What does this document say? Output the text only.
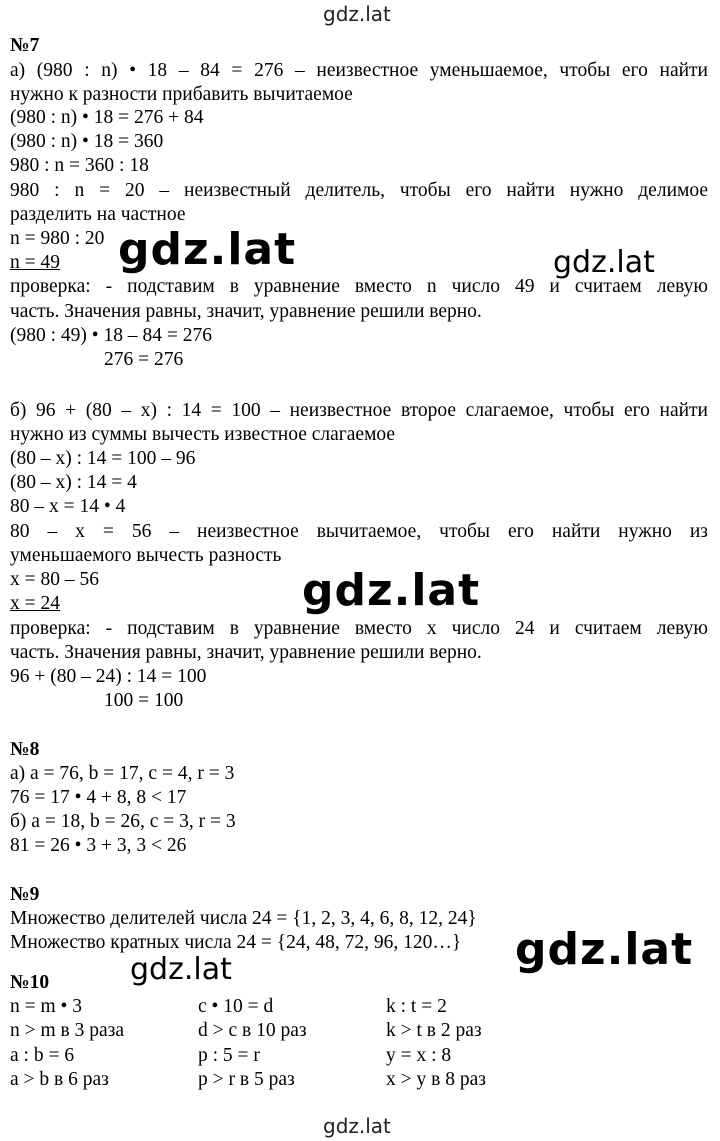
gdz.lat
gdz.lat	gdz.lat
gdz.lat
gdz.lat
gdz.lat
gdz.lat
№7
а) (980 : n) • 18 – 84 = 276 – неизвестное уменьшаемое, чтобы его найти
нужно к разности прибавить вычитаемое
(980 : n) • 18 = 276 + 84
(980 : n) • 18 = 360
980 : n = 360 : 18
980 : n = 20 – неизвестный делитель, чтобы его найти нужно делимое
разделить на частное
n = 980 : 20
n = 49
проверка: - подставим в уравнение вместо n число 49 и считаем левую
часть. Значения равны, значит, уравнение решили верно.
(980 : 49) • 18 – 84 = 276
276 = 276
б) 96 + (80 – x) : 14 = 100 – неизвестное второе слагаемое, чтобы его найти
нужно из суммы вычесть известное слагаемое
(80 – x) : 14 = 100 – 96
(80 – x) : 14 = 4
80 – x = 14 • 4
80 – x = 56 – неизвестное вычитаемое, чтобы его найти нужно из
уменьшаемого вычесть разность
x = 80 – 56
x = 24
проверка: - подставим в уравнение вместо x число 24 и считаем левую
часть. Значения равны, значит, уравнение решили верно.
96 + (80 – 24) : 14 = 100
100 = 100
№8
а) a = 76, b = 17, c = 4, r = 3
76 = 17 • 4 + 8, 8 < 17
б) a = 18, b = 26, c = 3, r = 3
81 = 26 • 3 + 3, 3 < 26
№9
Множество делителей числа 24 = {1, 2, 3, 4, 6, 8, 12, 24}
Множество кратных числа 24 = {24, 48, 72, 96, 120…}
№10
n = m • 3	c • 10 = d	k : t = 2
n > m в 3 раза	d > c в 10 раз	k > t в 2 раз
a : b = 6	p : 5 = r	y = x : 8
a > b в 6 раз	p > r в 5 раз	x > y в 8 раз
